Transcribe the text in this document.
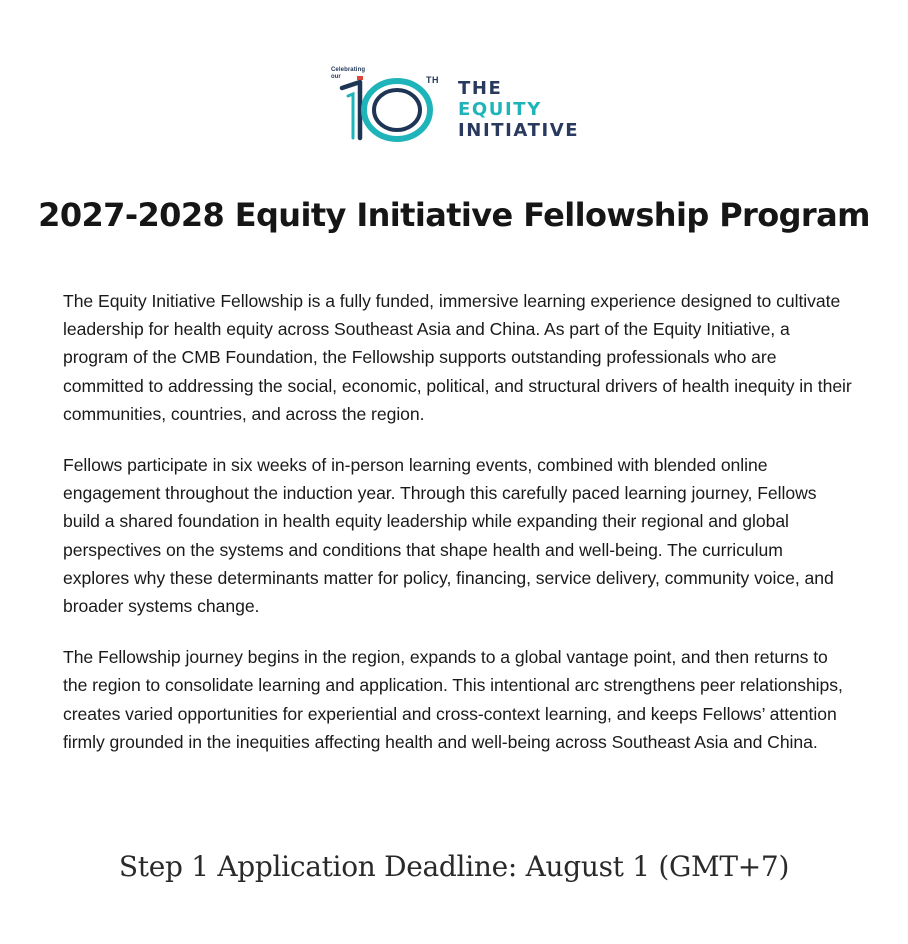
Celebrating
our	TH THE
EQUITY
INITIATIVE
2027-2028 Equity Initiative Fellowship Program

The Equity Initiative Fellowship is a fully funded, immersive learning experience designed to cultivate leadership for health equity across Southeast Asia and China. As part of the Equity Initiative, a program of the CMB Foundation, the Fellowship supports outstanding professionals who are committed to addressing the social, economic, political, and structural drivers of health inequity in their communities, countries, and across the region.

Fellows participate in six weeks of in-person learning events, combined with blended online engagement throughout the induction year. Through this carefully paced learning journey, Fellows build a shared foundation in health equity leadership while expanding their regional and global perspectives on the systems and conditions that shape health and well-being. The curriculum explores why these determinants matter for policy, financing, service delivery, community voice, and broader systems change.

The Fellowship journey begins in the region, expands to a global vantage point, and then returns to the region to consolidate learning and application. This intentional arc strengthens peer relationships, creates varied opportunities for experiential and cross-context learning, and keeps Fellows’ attention firmly grounded in the inequities affecting health and well-being across Southeast Asia and China.

Step 1 Application Deadline: August 1 (GMT+7)
